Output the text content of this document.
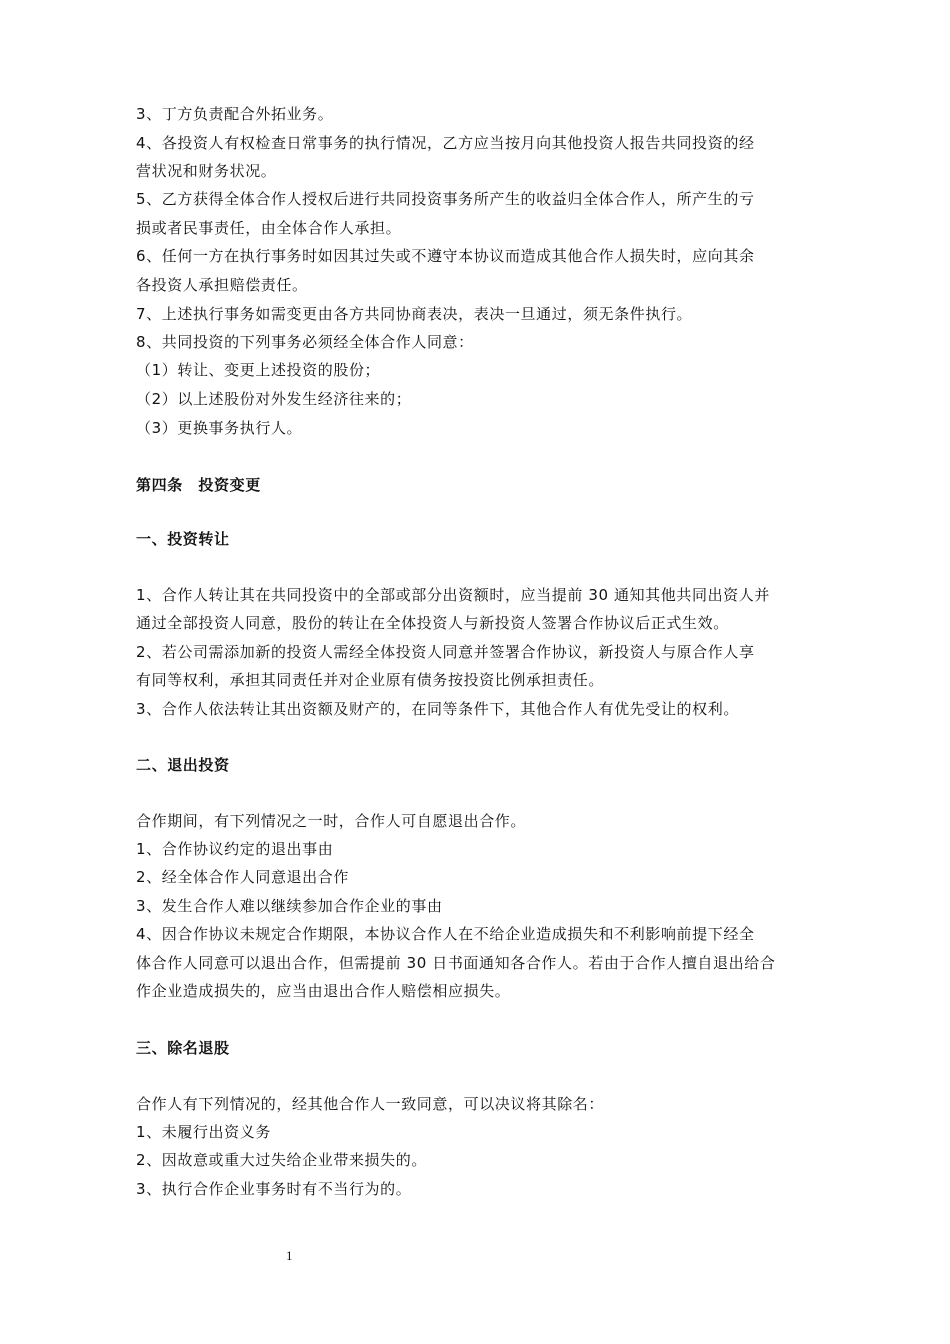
3、丁方负责配合外拓业务。
4、各投资人有权检查日常事务的执行情况，乙方应当按月向其他投资人报告共同投资的经
营状况和财务状况。
5、乙方获得全体合作人授权后进行共同投资事务所产生的收益归全体合作人，所产生的亏
损或者民事责任，由全体合作人承担。
6、任何一方在执行事务时如因其过失或不遵守本协议而造成其他合作人损失时，应向其余
各投资人承担赔偿责任。
7、上述执行事务如需变更由各方共同协商表决，表决一旦通过，须无条件执行。
8、共同投资的下列事务必须经全体合作人同意：
（1）转让、变更上述投资的股份；
（2）以上述股份对外发生经济往来的；
（3）更换事务执行人。
第四条　投资变更
一、投资转让
1、合作人转让其在共同投资中的全部或部分出资额时，应当提前 30 通知其他共同出资人并
通过全部投资人同意，股份的转让在全体投资人与新投资人签署合作协议后正式生效。
2、若公司需添加新的投资人需经全体投资人同意并签署合作协议，新投资人与原合作人享
有同等权利，承担其同责任并对企业原有债务按投资比例承担责任。
3、合作人依法转让其出资额及财产的，在同等条件下，其他合作人有优先受让的权利。
二、退出投资
合作期间，有下列情况之一时，合作人可自愿退出合作。
1、合作协议约定的退出事由
2、经全体合作人同意退出合作
3、发生合作人难以继续参加合作企业的事由
4、因合作协议未规定合作期限，本协议合作人在不给企业造成损失和不利影响前提下经全
体合作人同意可以退出合作，但需提前 30 日书面通知各合作人。若由于合作人擅自退出给合
作企业造成损失的，应当由退出合作人赔偿相应损失。
三、除名退股
合作人有下列情况的，经其他合作人一致同意，可以决议将其除名：
1、未履行出资义务
2、因故意或重大过失给企业带来损失的。
3、执行合作企业事务时有不当行为的。
1
